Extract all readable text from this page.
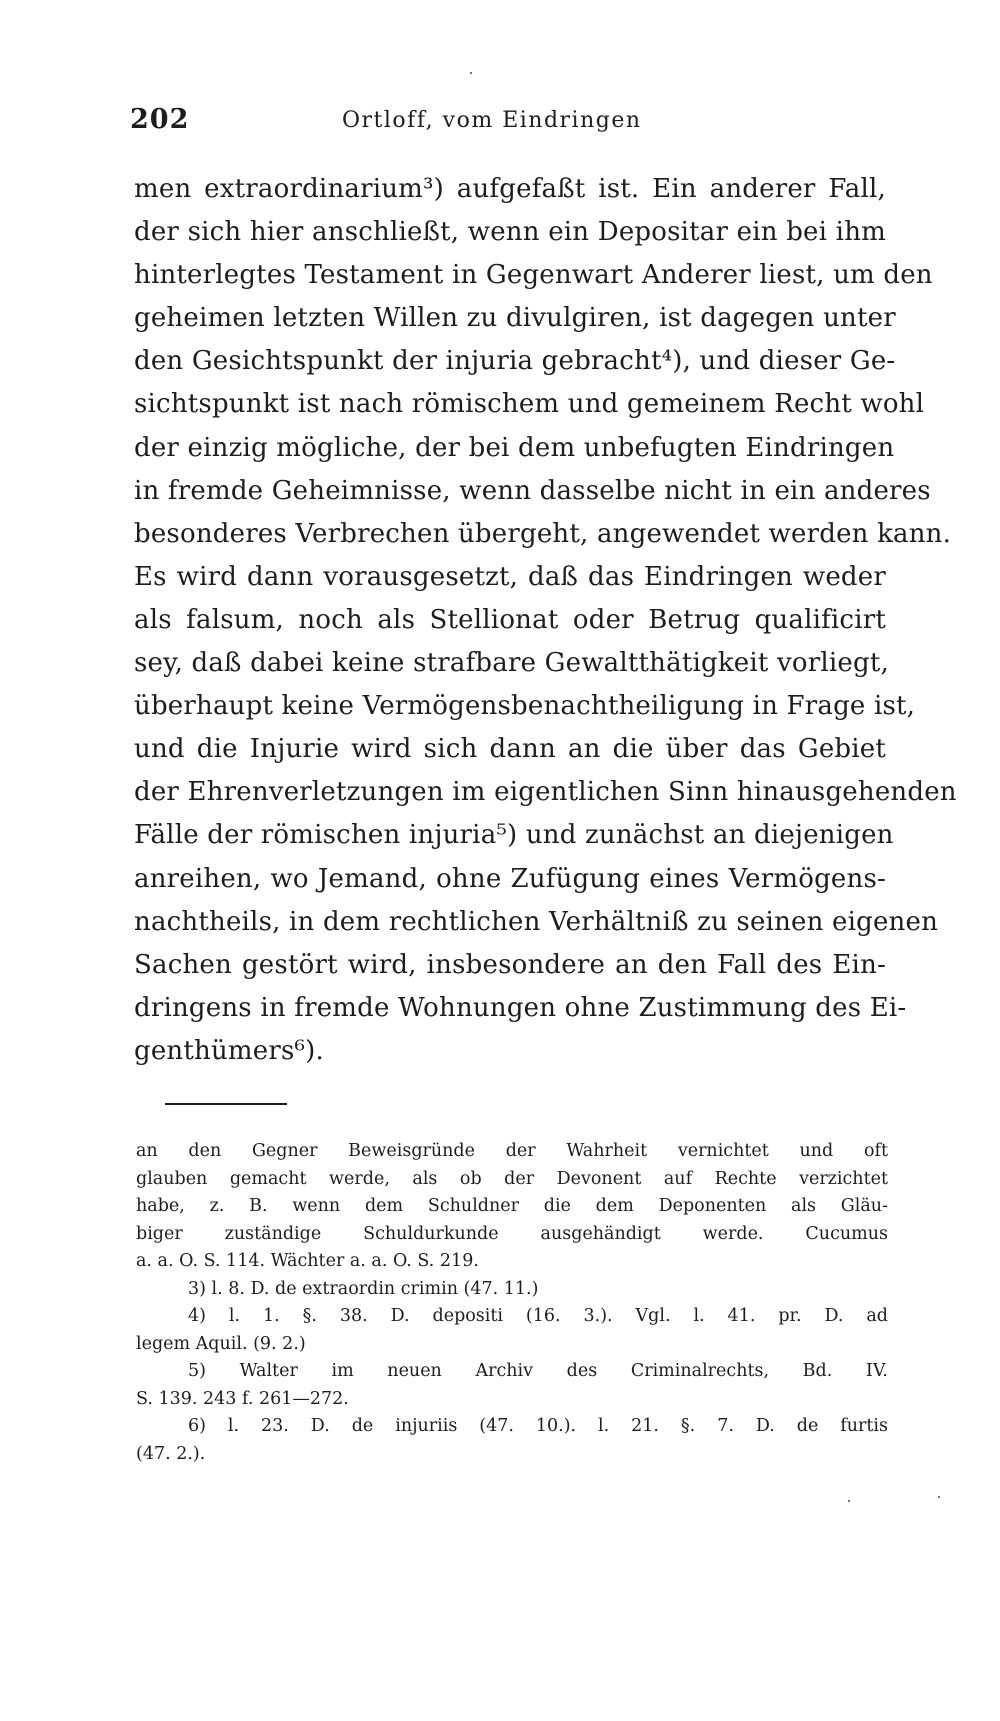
202	Ortloff, vom Eindringen
men extraordinarium³) aufgefaßt ist. Ein anderer Fall,
der sich hier anschließt, wenn ein Depositar ein bei ihm
hinterlegtes Testament in Gegenwart Anderer liest, um den
geheimen letzten Willen zu divulgiren, ist dagegen unter
den Gesichtspunkt der injuria gebracht⁴), und dieser Ge-
sichtspunkt ist nach römischem und gemeinem Recht wohl
der einzig mögliche, der bei dem unbefugten Eindringen
in fremde Geheimnisse, wenn dasselbe nicht in ein anderes
besonderes Verbrechen übergeht, angewendet werden kann.
Es wird dann vorausgesetzt, daß das Eindringen weder
als falsum, noch als Stellionat oder Betrug qualificirt
sey, daß dabei keine strafbare Gewaltthätigkeit vorliegt,
überhaupt keine Vermögensbenachtheiligung in Frage ist,
und die Injurie wird sich dann an die über das Gebiet
der Ehrenverletzungen im eigentlichen Sinn hinausgehenden
Fälle der römischen injuria⁵) und zunächst an diejenigen
anreihen, wo Jemand, ohne Zufügung eines Vermögens-
nachtheils, in dem rechtlichen Verhältniß zu seinen eigenen
Sachen gestört wird, insbesondere an den Fall des Ein-
dringens in fremde Wohnungen ohne Zustimmung des Ei-
genthümers⁶).
an den Gegner Beweisgründe der Wahrheit vernichtet und oft
glauben gemacht werde, als ob der Devonent auf Rechte verzichtet
habe, z. B. wenn dem Schuldner die dem Deponenten als Gläu-
biger zuständige Schuldurkunde ausgehändigt werde. Cucumus
a. a. O. S. 114. Wächter a. a. O. S. 219.
3) l. 8. D. de extraordin crimin (47. 11.)
4) l. 1. §. 38. D. depositi (16. 3.). Vgl. l. 41. pr. D. ad
legem Aquil. (9. 2.)
5) Walter im neuen Archiv des Criminalrechts, Bd. IV.
S. 139. 243 f. 261—272.
6) l. 23. D. de injuriis (47. 10.). l. 21. §. 7. D. de furtis
(47. 2.).
